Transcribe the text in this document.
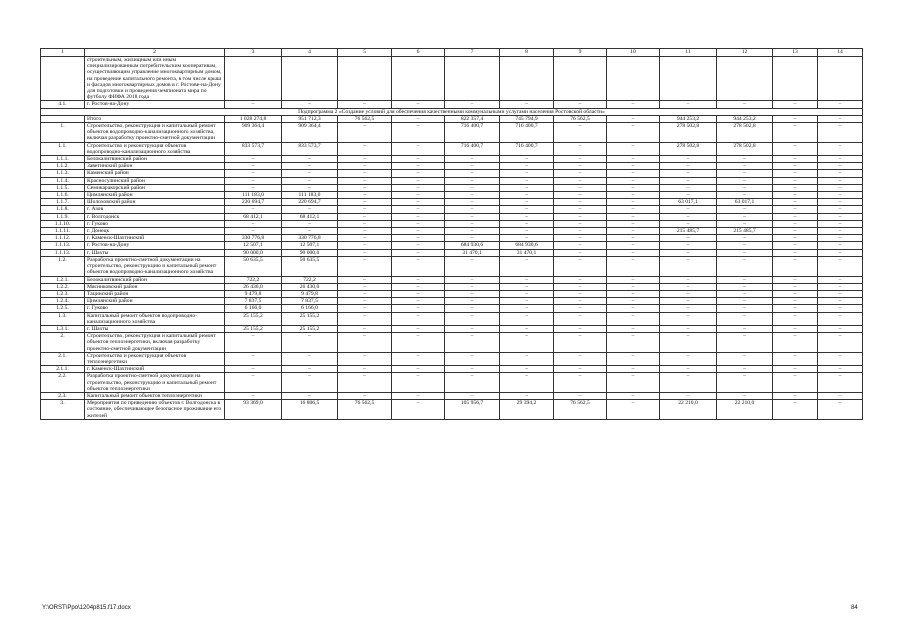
1	2	3	4	5	6	7	8	9	10	11	12	13	14
	строительным, жилищным или иным специализированным потребительским кооперативам, осуществляющим управление многоквартирным домом, на проведение капитального ремонта, в том числе крыш и фасадов многоквартирных домов в г. Ростове-на-Дону для подготовки и проведения чемпионата мира по футболу ФИФА 2018 года												
4.1.	г. Ростов-на-Дону	–	–	–	–	–	–	–	–	–	–	–	–
Подпрограмма 2 «Создание условий для обеспечения качественными коммунальными услугами населения Ростовской области»													
	Итого	1 028 274,8	951 712,3	76 562,5	–	822 357,4	745 794,9	76 562,5	–	944 253,2	944 253,2	–	–
1.	Строительство, реконструкция и капитальный ремонт объектов водопроводно-канализационного хозяйства, включая разработку проектно-сметной документации	909 364,4	909 364,4	–	–	716 400,7	716 400,7	–	–	278 502,8	278 502,8	–	–
1.1.	Строительство и реконструкция объектов водопроводно-канализационного хозяйства	833 573,7	833 573,7	–	–	716 400,7	716 400,7	–	–	278 502,8	278 502,8	–	–
1.1.1.	Белокалитвинский район	–	–	–	–	–	–	–	–	–	–	–	–
1.1.2.	Заветинский район	–	–	–	–	–	–	–	–	–	–	–	–
1.1.3.	Каменский район	–	–	–	–	–	–	–	–	–	–	–	–
1.1.4.	Красносулинский район	–	–	–	–	–	–	–	–	–	–	–	–
1.1.5.	Семикаракорский район	–	–	–	–	–	–	–	–	–	–	–	–
1.1.6.	Цимлянский район	111 183,0	111 183,0	–	–	–	–	–	–	–	–	–	–
1.1.7.	Шолоховский район	220 694,7	220 694,7	–	–	–	–	–	–	63 017,1	63 017,1	–	–
1.1.8.	г. Азов	–	–	–	–	–	–	–	–	–	–	–	–
1.1.9.	г. Волгодонск	68 412,1	68 412,1	–	–	–	–	–	–	–	–	–	–
1.1.10.	г. Гуково	–	–	–	–	–	–	–	–	–	–	–	–
1.1.11.	г. Донецк	–	–	–	–	–	–	–	–	215 485,7	215 485,7	–	–
1.1.12.	г. Каменск-Шахтинский	330 776,8	330 776,8	–	–	–	–	–	–	–	–	–	–
1.1.13.	г. Ростов-на-Дону	12 507,1	12 507,1	–	–	684 930,6	684 930,6	–	–	–	–	–	–
1.1.13.	г. Шахты	90 000,0	90 000,0	–	–	31 470,1	31 470,1	–	–	–	–	–	–
1.2.	Разработка проектно-сметной документации на строительство, реконструкцию и капитальный ремонт объектов водопроводно-канализационного хозяйства	50 635,5	50 635,5	–	–	–	–	–	–	–	–	–	–
1.2.1.	Белокалитвинский район	722,2	722,2	–	–	–	–	–	–	–	–	–	–
1.2.2.	Мясниковский район	26 430,0	26 430,0	–	–	–	–	–	–	–	–	–	–
1.2.3.	Тацинский район	9 479,8	9 479,8	–	–	–	–	–	–	–	–	–	–
1.2.4.	Цимлянский район	7 837,5	7 837,5	–	–	–	–	–	–	–	–	–	–
1.2.5.	г. Гуково	6 166,0	6 166,0	–	–	–	–	–	–	–	–	–	–
1.3.	Капитальный ремонт объектов водопроводно-канализационного хозяйства	25 155,2	25 155,2	–	–	–	–	–	–	–	–	–	–
1.3.1.	г. Шахты	25 155,2	25 155,2	–	–	–	–	–	–	–	–	–	–
2.	Строительство, реконструкция и капитальный ремонт объектов теплоэнергетики, включая разработку проектно-сметной документации	–	–	–	–	–	–	–	–	–	–	–	–
2.1.	Строительство и реконструкция объектов теплоэнергетики	–	–	–	–	–	–	–	–	–	–	–	–
2.1.1.	г. Каменск-Шахтинский	–	–	–	–	–	–	–	–	–	–	–	–
2.2.	Разработка проектно-сметной документации на строительство, реконструкцию и капитальный ремонт объектов теплоэнергетики	–	–	–	–	–	–	–	–	–	–	–	–
2.3.	Капитальный ремонт объектов теплоэнергетики	–	–	–	–	–	–	–	–	–	–	–	–
3.	Мероприятия по приведению объектов г. Волгодонска в состояние, обеспечивающее безопасное проживание его жителей	93 369,0	16 806,5	76 562,5	–	105 956,7	29 394,2	76 562,5	–	22 210,0	22 210,0	–	–
Y:\ORST\Ppo\1204p815.f17.docx	84
